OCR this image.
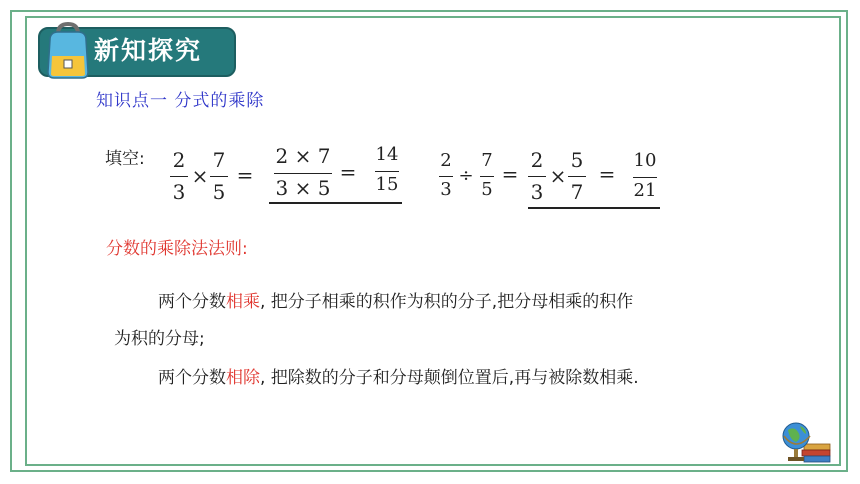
新知探究
知识点一 分式的乘除
填空: 2
3
×
7
5
=
2 × 7
3 × 5
=
14
15
2
3
÷
7
5
=
2
3
×
5
7
=
10
21
分数的乘除法法则:
两个分数相乘, 把分子相乘的积作为积的分子,把分母相乘的积作
为积的分母;
两个分数相除, 把除数的分子和分母颠倒位置后,再与被除数相乘.
